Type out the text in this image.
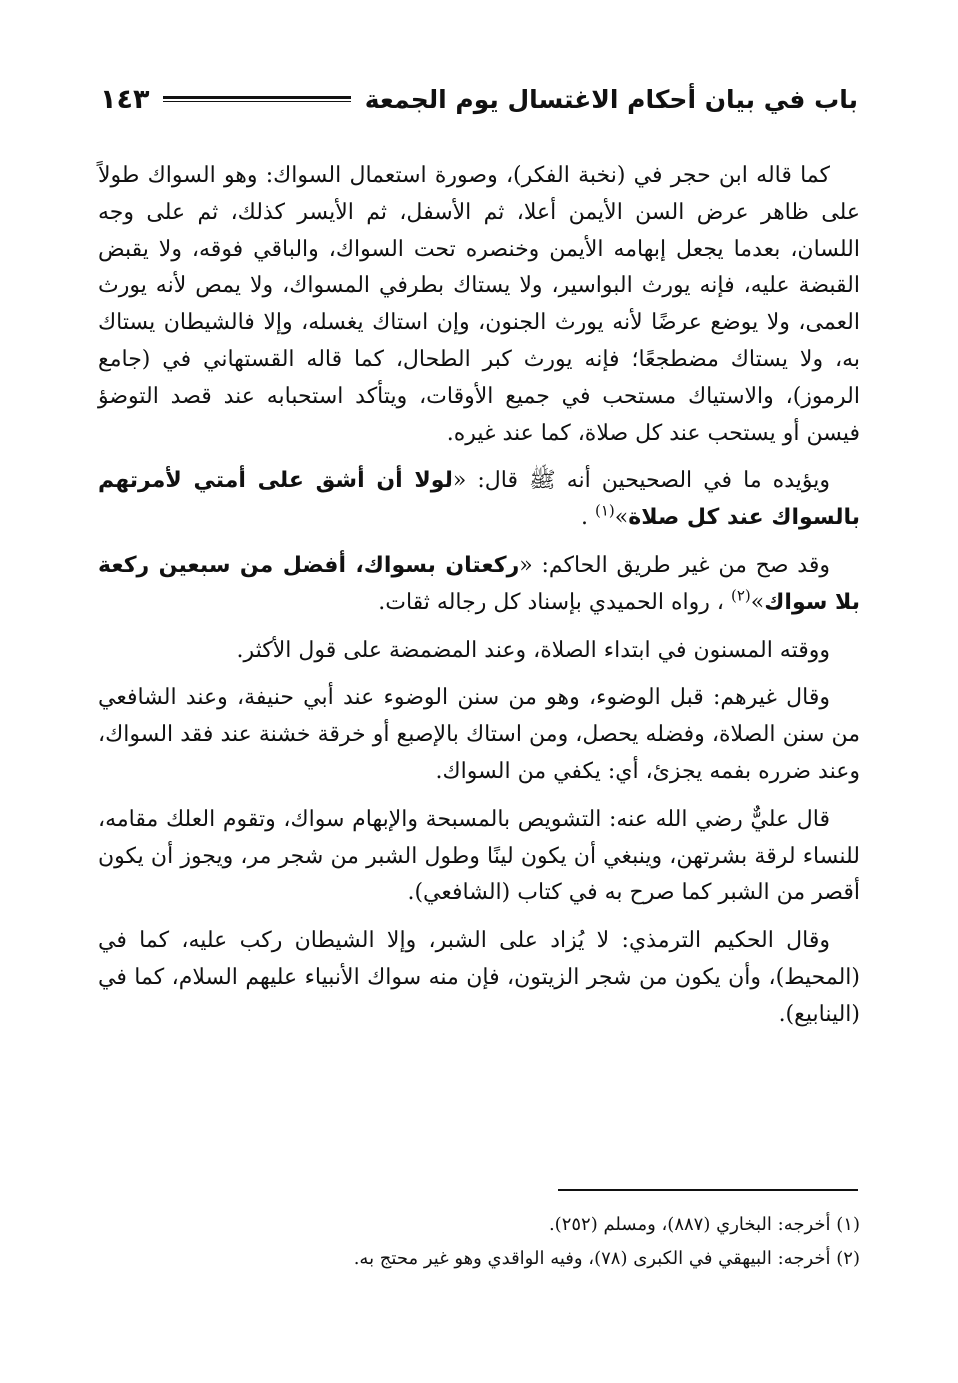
باب في بيان أحكام الاغتسال يوم الجمعة
١٤٣

كما قاله ابن حجر في (نخبة الفكر)، وصورة استعمال السواك: وهو السواك طولاً على ظاهر عرض السن الأيمن أعلا، ثم الأسفل، ثم الأيسر كذلك، ثم على وجه اللسان، بعدما يجعل إبهامه الأيمن وخنصره تحت السواك، والباقي فوقه، ولا يقبض القبضة عليه، فإنه يورث البواسير، ولا يستاك بطرفي المسواك، ولا يمص لأنه يورث العمى، ولا يوضع عرضًا لأنه يورث الجنون، وإن استاك يغسله، وإلا فالشيطان يستاك به، ولا يستاك مضطجعًا؛ فإنه يورث كبر الطحال، كما قاله القستهاني في (جامع الرموز)، والاستياك مستحب في جميع الأوقات، ويتأكد استحبابه عند قصد التوضؤ فيسن أو يستحب عند كل صلاة، كما عند غيره.

ويؤيده ما في الصحيحين أنه ﷺ قال: «لولا أن أشق على أمتي لأمرتهم بالسواك عند كل صلاة»$^{(١)}$ .

وقد صح من غير طريق الحاكم: «ركعتان بسواك، أفضل من سبعين ركعة بلا سواك»$^{(٢)}$ ، رواه الحميدي بإسناد كل رجاله ثقات.

ووقته المسنون في ابتداء الصلاة، وعند المضمضة على قول الأكثر.

وقال غيرهم: قبل الوضوء، وهو من سنن الوضوء عند أبي حنيفة، وعند الشافعي من سنن الصلاة، وفضله يحصل، ومن استاك بالإصبع أو خرقة خشنة عند فقد السواك، وعند ضرره بفمه يجزئ، أي: يكفي من السواك.

قال عليٌّ رضي الله عنه: التشويص بالمسبحة والإبهام سواك، وتقوم العلك مقامه، للنساء لرقة بشرتهن، وينبغي أن يكون لينًا وطول الشبر من شجر مر، ويجوز أن يكون أقصر من الشبر كما صرح به في كتاب (الشافعي).

وقال الحكيم الترمذي: لا يُزاد على الشبر، وإلا الشيطان ركب عليه، كما في (المحيط)، وأن يكون من شجر الزيتون، فإن منه سواك الأنبياء عليهم السلام، كما في (الينابيع).

(١) أخرجه: البخاري (٨٨٧)، ومسلم (٢٥٢).

(٢) أخرجه: البيهقي في الكبرى (٧٨)، وفيه الواقدي وهو غير محتج به.
